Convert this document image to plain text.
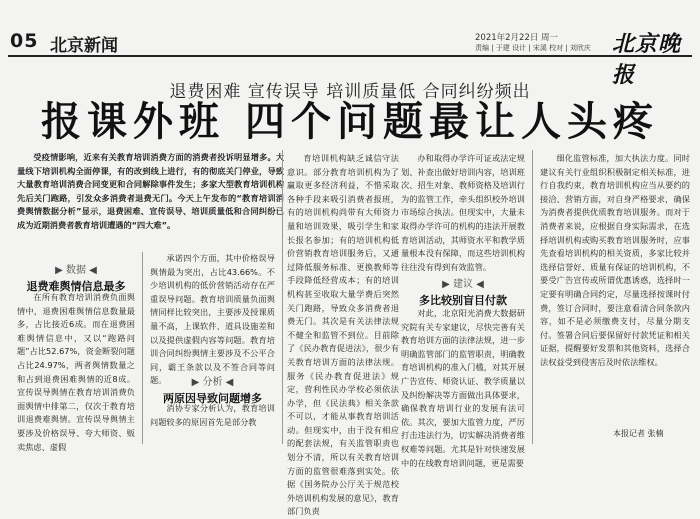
05 北京新闻	2021年2月22日 周一
责编 | 于建 设计 | 宋溪 校对 | 刘欣庆 北京晚报
退费困难 宣传误导 培训质量低 合同纠纷频出
报课外班 四个问题最让人头疼

受疫情影响，近来有关教育培训消费方面的消费者投诉明显增多。大量线下培训机构全面停课，有的改到线上进行，有的彻底关门停业，导致大量教育培训消费合同变更和合同解除事件发生；多家大型教育培训机构先后关门跑路，引发众多消费者退费无门。今天上午发布的“教育培训消费舆情数据分析”显示，退费困难、宣传误导、培训质量低和合同纠纷已成为近期消费者教育培训遭遇的“四大难”。

▶ 数据 ◀
退费难舆情信息最多

在所有教育培训消费负面舆情中，退费困难舆情信息数量最多，占比接近6成。而在退费困难舆情信息中，又以“跑路问题”占比52.67%，资金断裂问题占比24.97%，两者舆情数量之和占到退费困难舆情的近8成。宣传误导舆情在教育培训消费负面舆情中排第二，仅次于教育培训退费难舆情。宣传误导舆情主要涉及价格误导、夸大师资、贩卖焦虑、虚假

承诺四个方面，其中价格误导舆情最为突出，占比43.66%。不少培训机构的低价营销活动存在严重误导问题。教育培训质量负面舆情同样比较突出，主要涉及授课质量不高，上课软件、道具设施差和以及提供虚假内容等问题。教育培训合同纠纷舆情主要涉及不公平合同，霸王条款以及不签合同等问题。	▶ 分析 ◀
两原因导致问题增多

消协专家分析认为，教育培训问题较多的原因首先是部分教

育培训机构缺乏诚信守法意识。部分教育培训机构为了赢取更多经济利益，不惜采取各种手段来吸引消费者报班，有的培训机构尚带有大师资力量和培训效果，吸引学生和家长报名参加；有的培训机构低价营销教育培训服务后，又通过降低服务标准、更换教师等手段降低经营成本；有的培训机构甚至收取大量学费后突然关门跑路，导致众多消费者退费无门。其次是有关法律法规不健全和监管不到位。目前除了《民办教育促进法》，很少有关教育培训方面的法律法规。服务《民办教育促进法》规定，营利性民办学校必须依法办学，但《民法典》相关条款不可以，才能从事教育培训活动。但现实中，由于没有相应的配套法规，有关监管职责也划分不清，所以有关教育培训方面的监管很难落到实处。依据《国务院办公厅关于规范校外培训机构发展的意见》，教育部门负责

办和取得办学许可证或法定规划、补查出做好培训内容，培训班次、招生对象、教师资格及培训行为的监管工作，牵头组织校外培训市场综合执法。但现实中，大量未取得办学许可的机构的违法开展教育培训活动，其师资水平和教学质量根本没有保障，而这些培训机构往往没有得到有效监管。

▶ 建议 ◀
多比较别盲目付款

对此，北京阳光消费大数据研究院有关专家建议，尽快完善有关教育培训方面的法律法规，进一步明确监管部门的监管职责，明确教育培训机构的准入门槛，对其开展广告宣传、师资认证、教学质量以及纠纷解决等方面做出具体要求，确保教育培训行业的发展有法可依。其次，要加大监管力度，严厉打击违法行为，切实解决消费者维权难等问题。尤其是针对快速发展中的在线教育培训问题，更是需要

细化监管标准，加大执法力度。同时建议有关行业组织积极制定相关标准，进行自我约束，教育培训机构应当从要约的接洽、营销方面，对自身严格要求，确保为消费者提供优质教育培训服务。而对于消费者来说，应根据自身实际需求，在选择培训机构或购买教育培训服务时，应事先查看培训机构的相关资质，多家比较并选择信誉好、质量有保证的培训机构，不要受广告宣传或所谓优惠诱惑，选择时一定要有明确合同约定，尽量选择按课时付费，签订合同时，要注意看清合同条款内容，如不是必须缴费支付，尽量分期支付。签署合同后要保留好付款凭证和相关证据，提醒要好发票和其他资料，选择合法权益受到侵害后及时依法维权。

本报记者 张楠
